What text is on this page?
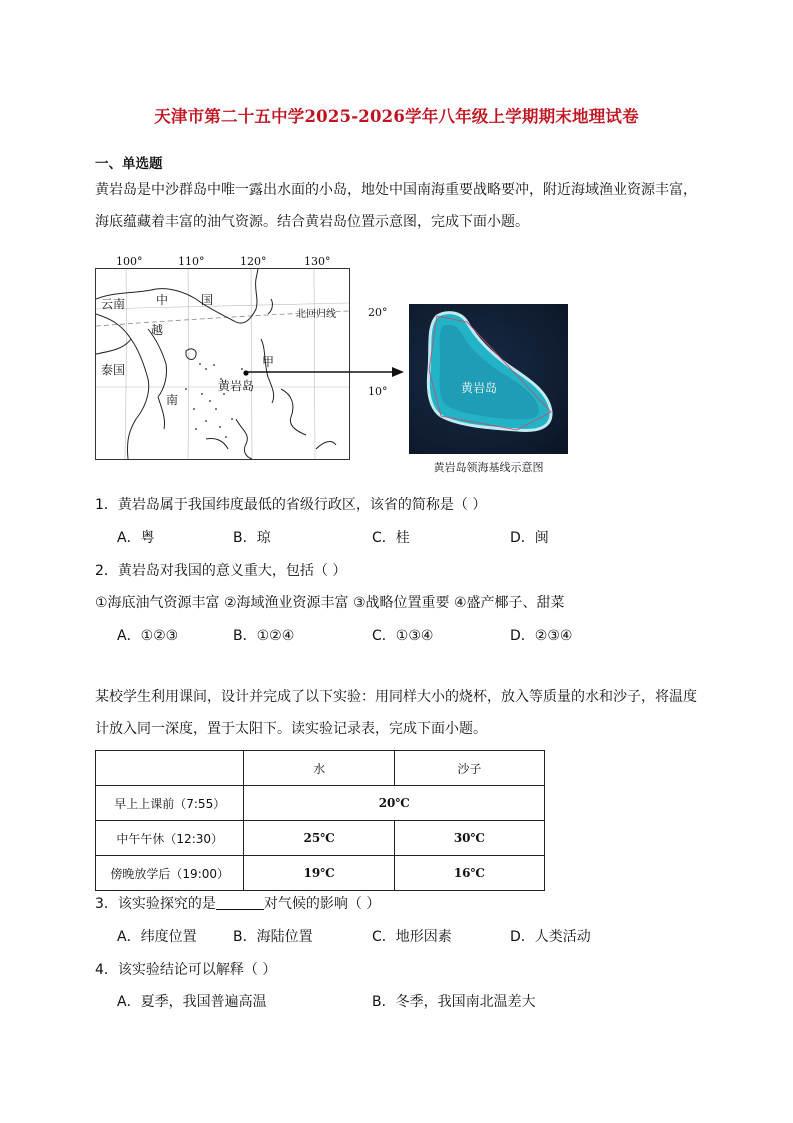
天津市第二十五中学2025-2026学年八年级上学期期末地理试卷
一、单选题
黄岩岛是中沙群岛中唯一露出水面的小岛，地处中国南海重要战略要冲，附近海域渔业资源丰富，
海底蕴藏着丰富的油气资源。结合黄岩岛位置示意图，完成下面小题。
100°	110°	120°	130°
云南	中	国
越
泰国
南
甲
黄岩岛
北回归线	20°
10°	黄岩岛
黄岩岛领海基线示意图
1．黄岩岛属于我国纬度最低的省级行政区，该省的简称是（ ）
A．粤	B．琼	C．桂	D．闽
2．黄岩岛对我国的意义重大，包括（ ）
①海底油气资源丰富 ②海域渔业资源丰富 ③战略位置重要 ④盛产椰子、甜菜
A．①②③	B．①②④	C．①③④	D．②③④
某校学生利用课间，设计并完成了以下实验：用同样大小的烧杯，放入等质量的水和沙子，将温度
计放入同一深度，置于太阳下。读实验记录表，完成下面小题。
	水	沙子
早上上课前（7:55）	20℃	
中午午休（12:30）	25℃	30℃
傍晚放学后（19:00）	19℃	16℃
3．该实验探究的是	对气候的影响（ ）
A．纬度位置	B．海陆位置	C．地形因素	D．人类活动
4．该实验结论可以解释（ ）
A．夏季，我国普遍高温	B．冬季，我国南北温差大
